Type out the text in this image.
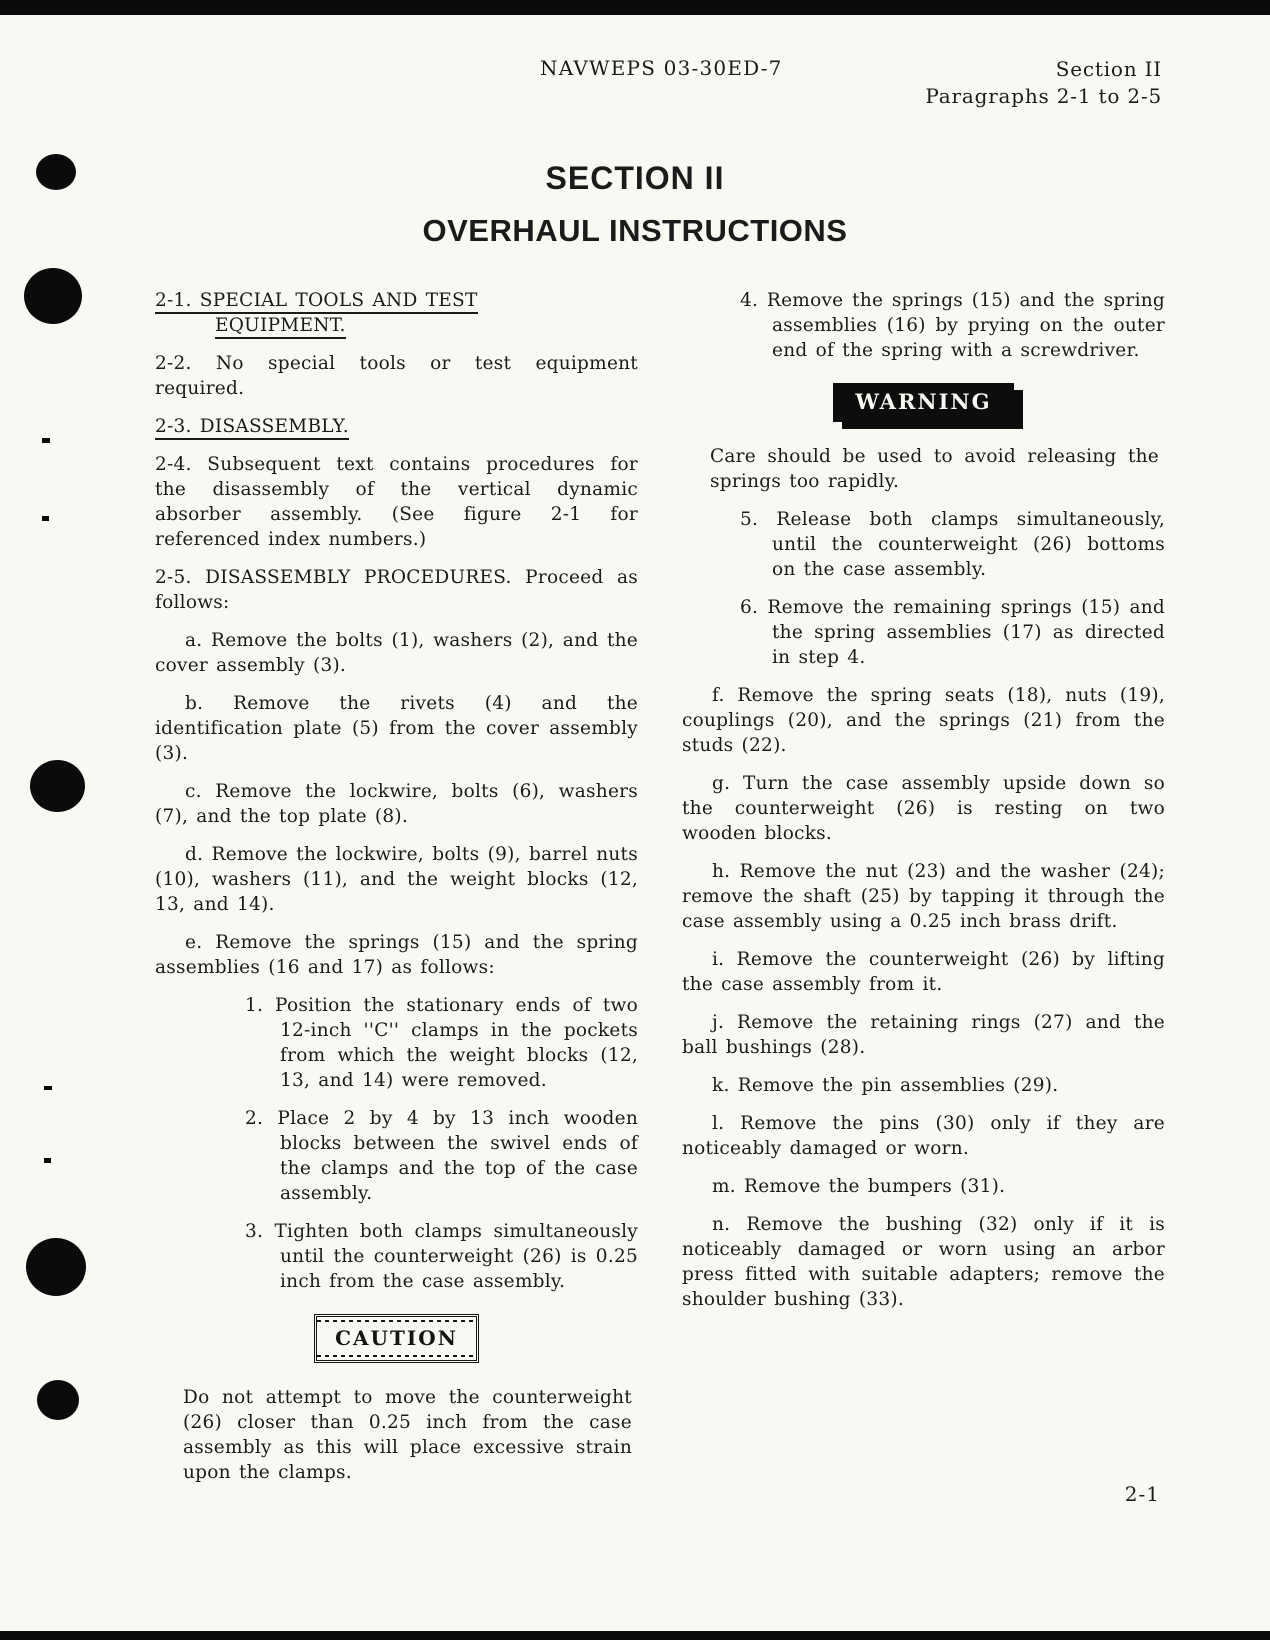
NAVWEPS 03-30ED-7	Section II
Paragraphs 2-1 to 2-5
SECTION II
OVERHAUL INSTRUCTIONS

2-1. SPECIAL TOOLS AND TEST
EQUIPMENT.

2-2. No special tools or test equipment required.

2-3. DISASSEMBLY.

2-4. Subsequent text contains procedures for the disassembly of the vertical dynamic absorber assembly. (See figure 2-1 for referenced index numbers.)

2-5. DISASSEMBLY PROCEDURES. Proceed as follows:

a. Remove the bolts (1), washers (2), and the cover assembly (3).

b. Remove the rivets (4) and the identification plate (5) from the cover assembly (3).

c. Remove the lockwire, bolts (6), washers (7), and the top plate (8).

d. Remove the lockwire, bolts (9), barrel nuts (10), washers (11), and the weight blocks (12, 13, and 14).

e. Remove the springs (15) and the spring assemblies (16 and 17) as follows:

1. Position the stationary ends of two 12-inch ''C'' clamps in the pockets from which the weight blocks (12, 13, and 14) were removed.

2. Place 2 by 4 by 13 inch wooden blocks between the swivel ends of the clamps and the top of the case assembly.

3. Tighten both clamps simultaneously until the counterweight (26) is 0.25 inch from the case assembly.

CAUTION

Do not attempt to move the counterweight (26) closer than 0.25 inch from the case assembly as this will place excessive strain upon the clamps.

4. Remove the springs (15) and the spring assemblies (16) by prying on the outer end of the spring with a screwdriver.

WARNING

Care should be used to avoid releasing the springs too rapidly.

5. Release both clamps simultaneously, until the counterweight (26) bottoms on the case assembly.

6. Remove the remaining springs (15) and the spring assemblies (17) as directed in step 4.

f. Remove the spring seats (18), nuts (19), couplings (20), and the springs (21) from the studs (22).

g. Turn the case assembly upside down so the counterweight (26) is resting on two wooden blocks.

h. Remove the nut (23) and the washer (24); remove the shaft (25) by tapping it through the case assembly using a 0.25 inch brass drift.

i. Remove the counterweight (26) by lifting the case assembly from it.

j. Remove the retaining rings (27) and the ball bushings (28).

k. Remove the pin assemblies (29).

l. Remove the pins (30) only if they are noticeably damaged or worn.

m. Remove the bumpers (31).

n. Remove the bushing (32) only if it is noticeably damaged or worn using an arbor press fitted with suitable adapters; remove the shoulder bushing (33).

2-1
